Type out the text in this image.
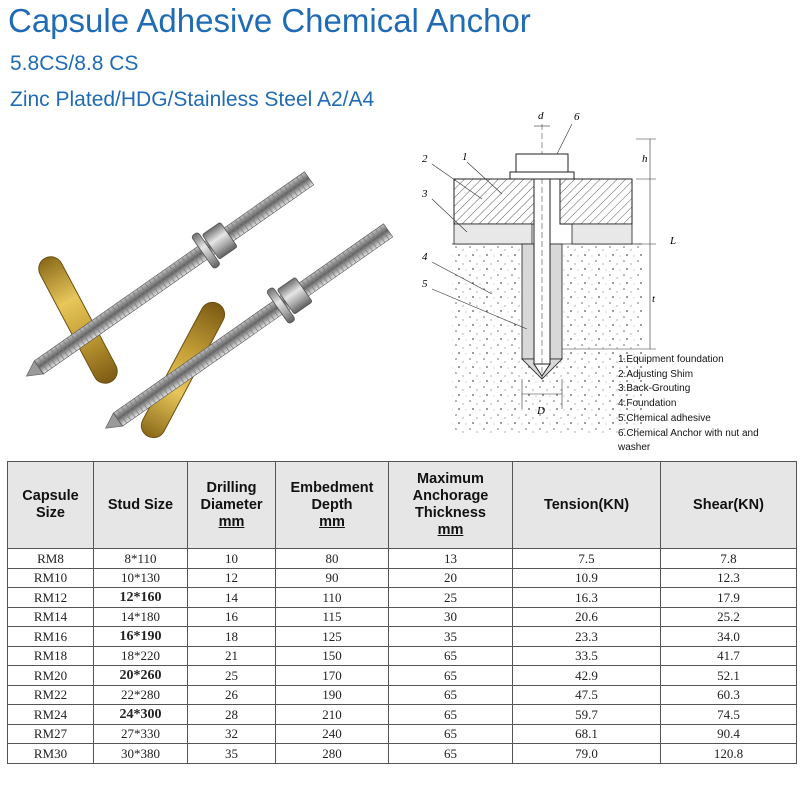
Capsule Adhesive Chemical Anchor
5.8CS/8.8 CS
Zinc Plated/HDG/Stainless Steel A2/A4
d	6
2	1
3
4
5
h
L
t
D
1.Equipment foundation
2.Adjusting Shim
3.Back-Grouting
4.Foundation
5.Chemical adhesive
6.Chemical Anchor with nut and
washer
Capsule
Size	Stud Size	Drilling
Diameter
mm	Embedment
Depth
mm	Maximum
Anchorage Thickness
mm	Tension(KN)	Shear(KN)
RM8	8*110	10	80	13	7.5	7.8
RM10	10*130	12	90	20	10.9	12.3
RM12	12*160	14	110	25	16.3	17.9
RM14	14*180	16	115	30	20.6	25.2
RM16	16*190	18	125	35	23.3	34.0
RM18	18*220	21	150	65	33.5	41.7
RM20	20*260	25	170	65	42.9	52.1
RM22	22*280	26	190	65	47.5	60.3
RM24	24*300	28	210	65	59.7	74.5
RM27	27*330	32	240	65	68.1	90.4
RM30	30*380	35	280	65	79.0	120.8
